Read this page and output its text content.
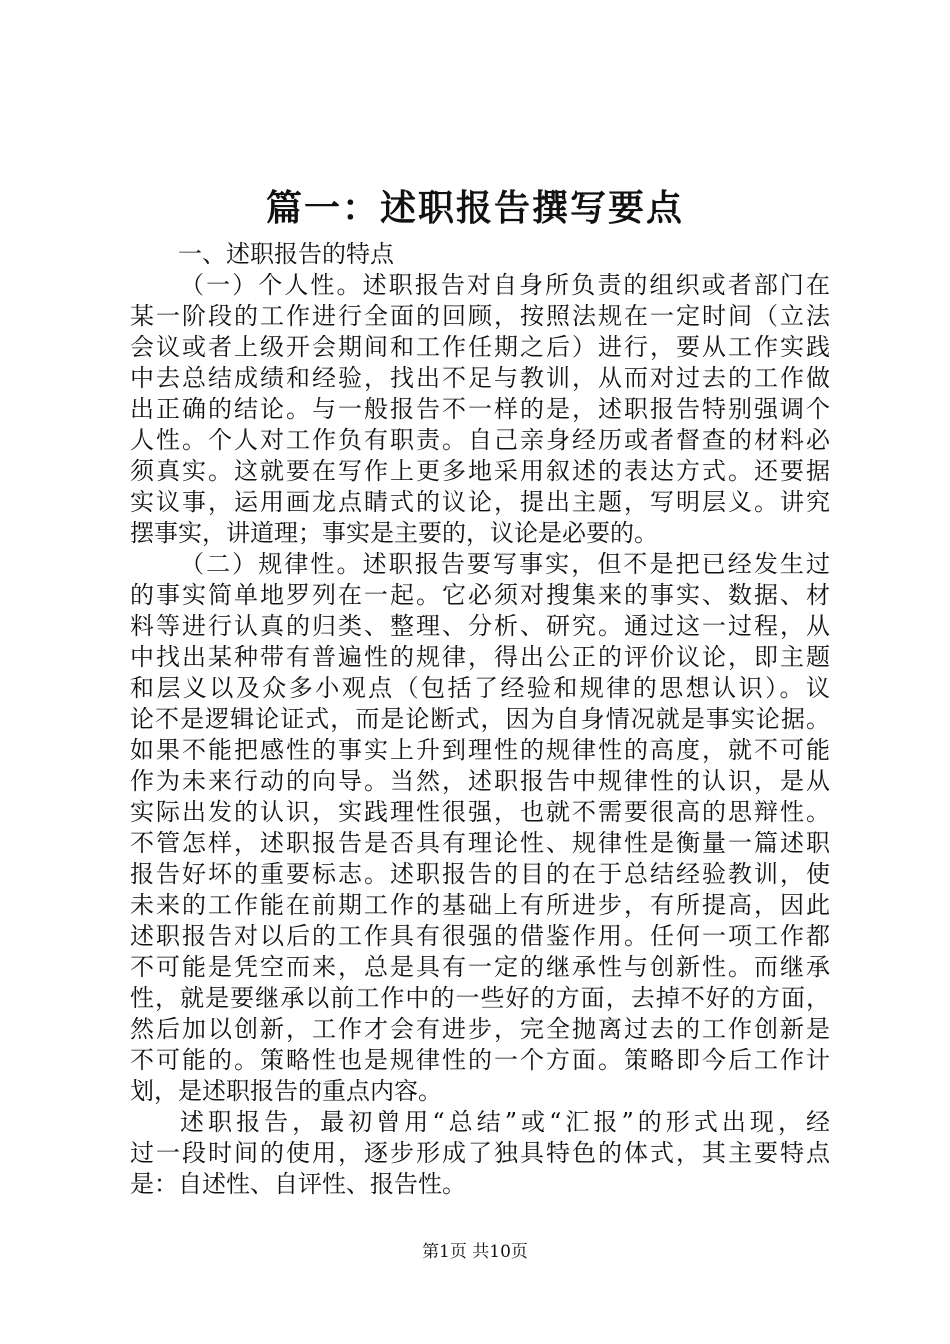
篇一：述职报告撰写要点

一、述职报告的特点

（一）个人性。述职报告对自身所负责的组织或者部门在
某一阶段的工作进行全面的回顾，按照法规在一定时间（立法
会议或者上级开会期间和工作任期之后）进行，要从工作实践
中去总结成绩和经验，找出不足与教训，从而对过去的工作做
出正确的结论。与一般报告不一样的是，述职报告特别强调个
人性。个人对工作负有职责。自己亲身经历或者督查的材料必
须真实。这就要在写作上更多地采用叙述的表达方式。还要据
实议事，运用画龙点睛式的议论，提出主题，写明层义。讲究
摆事实，讲道理；事实是主要的，议论是必要的。

（二）规律性。述职报告要写事实，但不是把已经发生过
的事实简单地罗列在一起。它必须对搜集来的事实、数据、材
料等进行认真的归类、整理、分析、研究。通过这一过程，从
中找出某种带有普遍性的规律，得出公正的评价议论，即主题
和层义以及众多小观点（包括了经验和规律的思想认识）。议
论不是逻辑论证式，而是论断式，因为自身情况就是事实论据。
如果不能把感性的事实上升到理性的规律性的高度，就不可能
作为未来行动的向导。当然，述职报告中规律性的认识，是从
实际出发的认识，实践理性很强，也就不需要很高的思辩性。
不管怎样，述职报告是否具有理论性、规律性是衡量一篇述职
报告好坏的重要标志。述职报告的目的在于总结经验教训，使
未来的工作能在前期工作的基础上有所进步，有所提高，因此
述职报告对以后的工作具有很强的借鉴作用。任何一项工作都
不可能是凭空而来，总是具有一定的继承性与创新性。而继承
性，就是要继承以前工作中的一些好的方面，去掉不好的方面，
然后加以创新，工作才会有进步，完全抛离过去的工作创新是
不可能的。策略性也是规律性的一个方面。策略即今后工作计
划，是述职报告的重点内容。

述职报告，最初曾用“总结”或“汇报”的形式出现，经
过一段时间的使用，逐步形成了独具特色的体式，其主要特点
是：自述性、自评性、报告性。

第1页 共10页
